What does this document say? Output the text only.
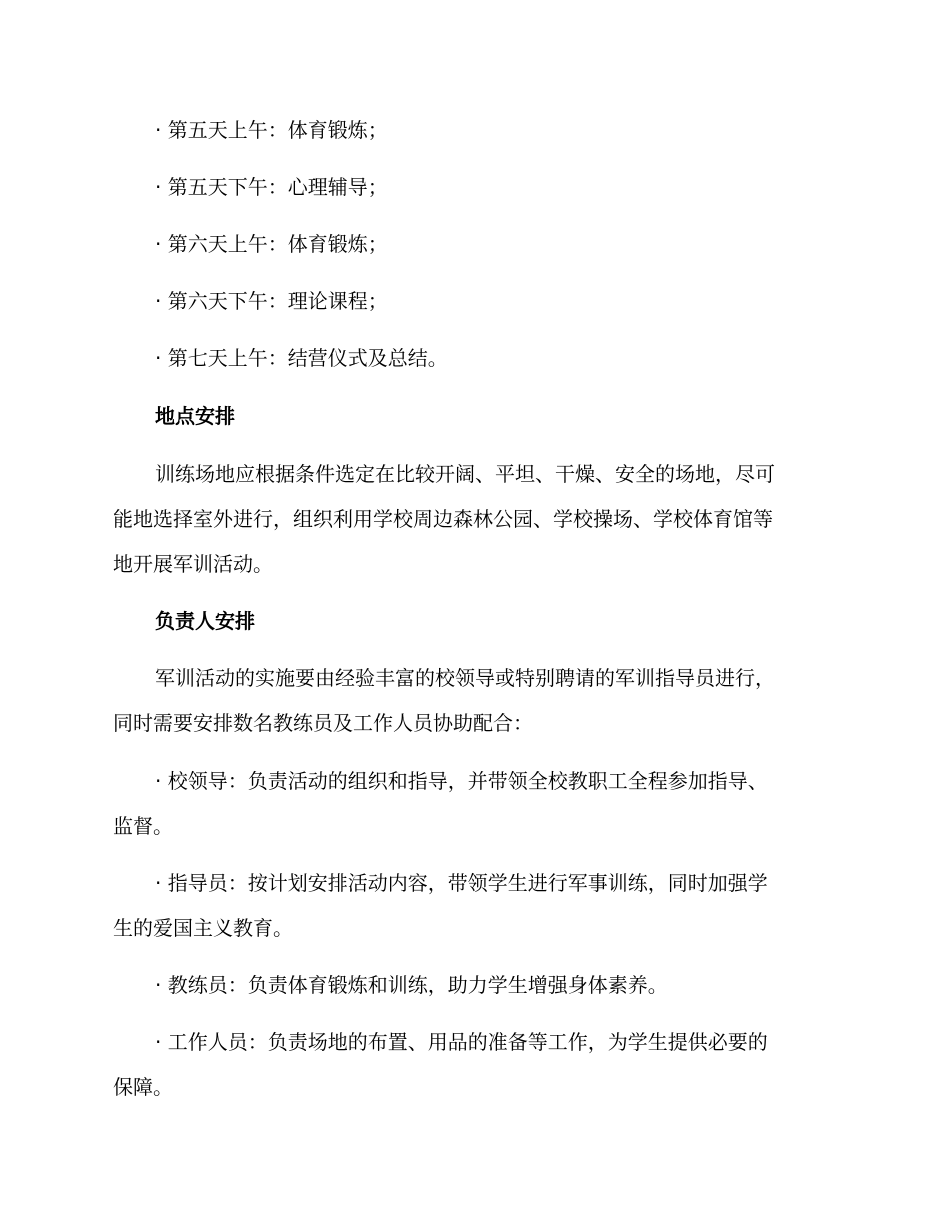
· 第五天上午：体育锻炼；
· 第五天下午：心理辅导；
· 第六天上午：体育锻炼；
· 第六天下午：理论课程；
· 第七天上午：结营仪式及总结。
地点安排
训练场地应根据条件选定在比较开阔、平坦、干燥、安全的场地，尽可
能地选择室外进行，组织利用学校周边森林公园、学校操场、学校体育馆等
地开展军训活动。
负责人安排
军训活动的实施要由经验丰富的校领导或特别聘请的军训指导员进行，
同时需要安排数名教练员及工作人员协助配合：
· 校领导：负责活动的组织和指导，并带领全校教职工全程参加指导、
监督。
· 指导员：按计划安排活动内容，带领学生进行军事训练，同时加强学
生的爱国主义教育。
· 教练员：负责体育锻炼和训练，助力学生增强身体素养。
· 工作人员：负责场地的布置、用品的准备等工作，为学生提供必要的
保障。
